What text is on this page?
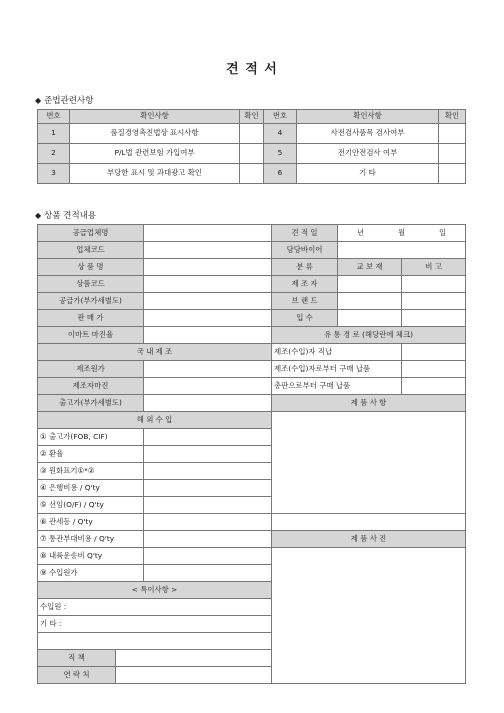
견 적 서
◆ 준법관련사항
번호	확인사항	확인	번호	확인사항	확인
1	품질경영촉진법상 표시사항		4	사전검사품목 검사여부	
2	P/L법 관련보험 가입여부		5	전기안전검사 여부	
3	부당한 표시 및 과대광고 확인		6	기 타	
◆ 상품 견적내용
공급업체명			견 적 일	년 월 일	

업체코드			담당바이어		
상 품 명			분 류	교 보 재	비 고
상품코드			제 조 자		
공급가(부가세별도)			브 랜 드		
판 매 가			입 수		
이마트 마진율			유 통 경 로 (해당란에 체크)		
국 내 제 조			제조(수입)자 직납		
제조원가			제조(수입)자로부터 구매 납품		
제조자마진			총판으로부터 구매 납품		
출고가(부가세별도)			제 품 사 항		
해 외 수 입					
① 출고가(FOB, CIF)					
② 환율					
③ 원화표기①*②					
④ 은행비용 / Q'ty					
⑤ 선임(O/F) / Q'ty					
⑥ 관세등 / Q'ty					
⑦ 통관부대비용 / Q'ty			제 품 사 진		
⑧ 내륙운송비 Q'ty					
⑨ 수입원가					
< 특이사항 >					
수입원 :					
기 타 :					

직 책					
연 락 처					
